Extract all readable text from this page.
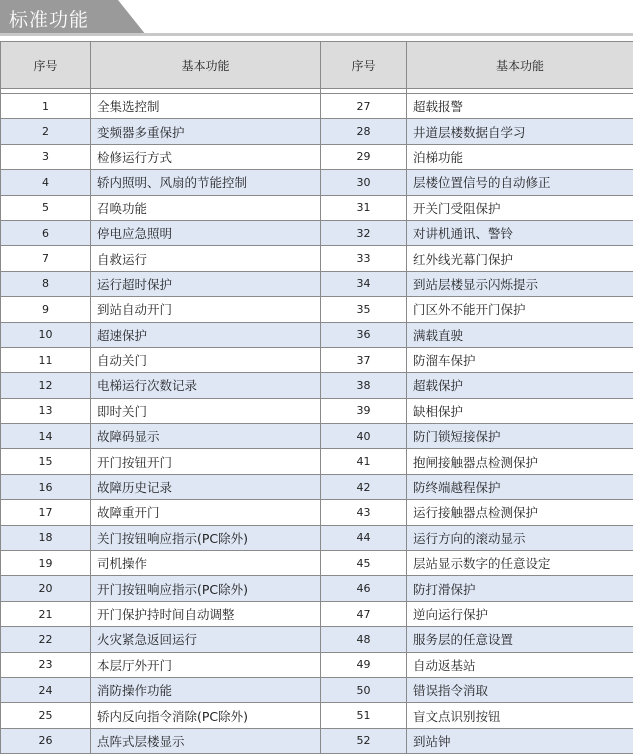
标准功能
序号	基本功能	序号	基本功能

1	全集选控制	27	超载报警
2	变频器多重保护	28	井道层楼数据自学习
3	检修运行方式	29	泊梯功能
4	轿内照明、风扇的节能控制	30	层楼位置信号的自动修正
5	召唤功能	31	开关门受阻保护
6	停电应急照明	32	对讲机通讯、警铃
7	自救运行	33	红外线光幕门保护
8	运行超时保护	34	到站层楼显示闪烁提示
9	到站自动开门	35	门区外不能开门保护
10	超速保护	36	满载直驶
11	自动关门	37	防溜车保护
12	电梯运行次数记录	38	超载保护
13	即时关门	39	缺相保护
14	故障码显示	40	防门锁短接保护
15	开门按钮开门	41	抱闸接触器点检测保护
16	故障历史记录	42	防终端越程保护
17	故障重开门	43	运行接触器点检测保护
18	关门按钮响应指示(PC除外)	44	运行方向的滚动显示
19	司机操作	45	层站显示数字的任意设定
20	开门按钮响应指示(PC除外)	46	防打滑保护
21	开门保护持时间自动调整	47	逆向运行保护
22	火灾紧急返回运行	48	服务层的任意设置
23	本层厅外开门	49	自动返基站
24	消防操作功能	50	错误指令消取
25	轿内反向指令消除(PC除外)	51	盲文点识别按钮
26	点阵式层楼显示	52	到站钟
